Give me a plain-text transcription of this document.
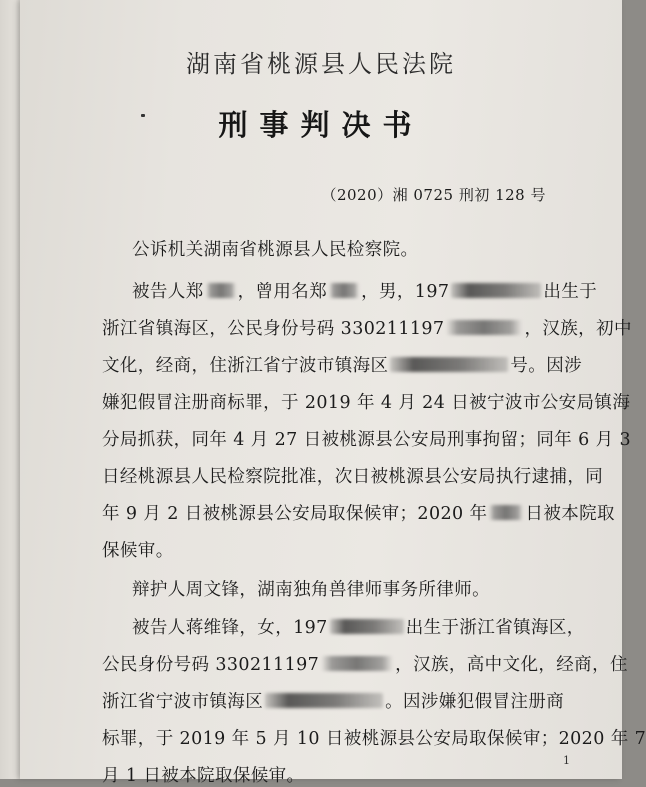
湖南省桃源县人民法院
刑事判决书
（2020）湘 0725 刑初 128 号
公诉机关湖南省桃源县人民检察院。
被告人郑 ，曾用名郑 ，男，197	出生于
浙江省镇海区，公民身份号码 330211197	，汉族，初中
文化，经商，住浙江省宁波市镇海区	号。因涉
嫌犯假冒注册商标罪，于 2019 年 4 月 24 日被宁波市公安局镇海
分局抓获，同年 4 月 27 日被桃源县公安局刑事拘留；同年 6 月 3
日经桃源县人民检察院批准，次日被桃源县公安局执行逮捕，同
年 9 月 2 日被桃源县公安局取保候审；2020 年 日被本院取
保候审。
辩护人周文锋，湖南独角兽律师事务所律师。
被告人蒋维锋，女，197	出生于浙江省镇海区，
公民身份号码 330211197	，汉族，高中文化，经商，住
浙江省宁波市镇海区	。因涉嫌犯假冒注册商
标罪，于 2019 年 5 月 10 日被桃源县公安局取保候审；2020 年 7
月 1 日被本院取保候审。
1
